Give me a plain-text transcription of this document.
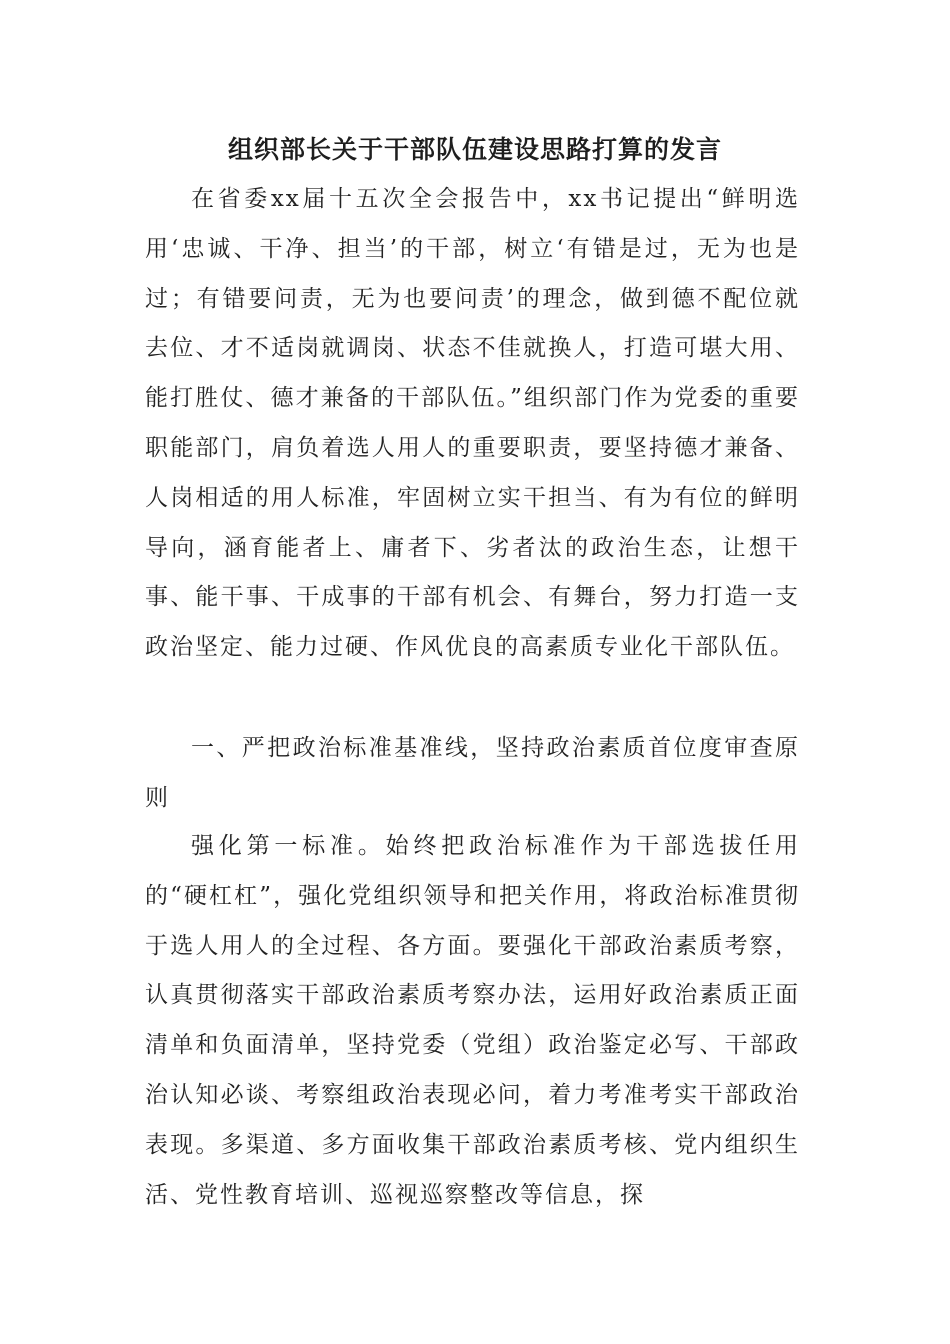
组织部长关于干部队伍建设思路打算的发言

在省委xx届十五次全会报告中，xx书记提出“鲜明选用‘忠诚、干净、担当’的干部，树立‘有错是过，无为也是过；有错要问责，无为也要问责’的理念，做到德不配位就去位、才不适岗就调岗、状态不佳就换人，打造可堪大用、能打胜仗、德才兼备的干部队伍。”组织部门作为党委的重要职能部门，肩负着选人用人的重要职责，要坚持德才兼备、人岗相适的用人标准，牢固树立实干担当、有为有位的鲜明导向，涵育能者上、庸者下、劣者汰的政治生态，让想干事、能干事、干成事的干部有机会、有舞台，努力打造一支政治坚定、能力过硬、作风优良的高素质专业化干部队伍。

一、严把政治标准基准线，坚持政治素质首位度审查原则

强化第一标准。始终把政治标准作为干部选拔任用的“硬杠杠”，强化党组织领导和把关作用，将政治标准贯彻于选人用人的全过程、各方面。要强化干部政治素质考察，认真贯彻落实干部政治素质考察办法，运用好政治素质正面清单和负面清单，坚持党委（党组）政治鉴定必写、干部政治认知必谈、考察组政治表现必问，着力考准考实干部政治表现。多渠道、多方面收集干部政治素质考核、党内组织生活、党性教育培训、巡视巡察整改等信息，探
